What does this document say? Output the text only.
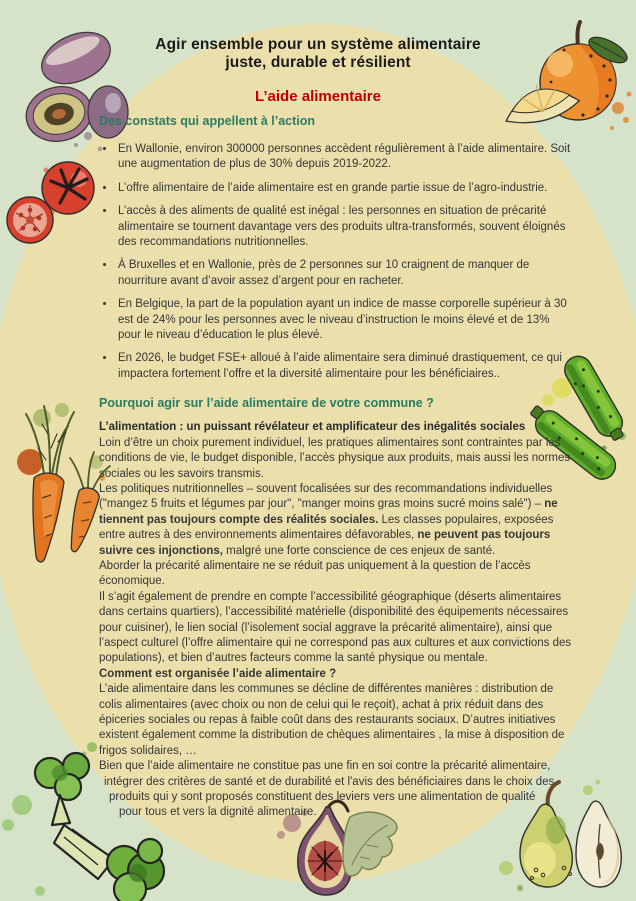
Agir ensemble pour un système alimentaire
juste, durable et résilient
L’aide alimentaire
Des constats qui appellent à l’action
• En Wallonie, environ 300000 personnes accèdent régulièrement à l’aide alimentaire. Soit une augmentation de plus de 30% depuis 2019-2022.
• L’offre alimentaire de l’aide alimentaire est en grande partie issue de l’agro-industrie.
• L’accès à des aliments de qualité est inégal : les personnes en situation de précarité alimentaire se tournent davantage vers des produits ultra-transformés, souvent éloignés des recommandations nutritionnelles.
• À Bruxelles et en Wallonie, près de 2 personnes sur 10 craignent de manquer de nourriture avant d’avoir assez d’argent pour en racheter.
• En Belgique, la part de la population ayant un indice de masse corporelle supérieur à 30 est de 24% pour les personnes avec le niveau d’instruction le moins élevé et de 13% pour le niveau d’éducation le plus élevé.
• En 2026, le budget FSE+ alloué à l’aide alimentaire sera diminué drastiquement, ce qui impactera fortement l’offre et la diversité alimentaire pour les bénéficiaires..
Pourquoi agir sur l’aide alimentaire de votre commune ?

L’alimentation : un puissant révélateur et amplificateur des inégalités sociales

Loin d’être un choix purement individuel, les pratiques alimentaires sont contraintes par les conditions de vie, le budget disponible, l’accès physique aux produits, mais aussi les normes sociales ou les savoirs transmis.

Les politiques nutritionnelles – souvent focalisées sur des recommandations individuelles ("mangez 5 fruits et légumes par jour", "manger moins gras moins sucré moins salé") – ne tiennent pas toujours compte des réalités sociales. Les classes populaires, exposées entre autres à des environnements alimentaires défavorables, ne peuvent pas toujours suivre ces injonctions, malgré une forte conscience de ces enjeux de santé.

Aborder la précarité alimentaire ne se réduit pas uniquement à la question de l’accès économique.

Il s’agit également de prendre en compte l’accessibilité géographique (déserts alimentaires dans certains quartiers), l’accessibilité matérielle (disponibilité des équipements nécessaires pour cuisiner), le lien social (l’isolement social aggrave la précarité alimentaire), ainsi que l’aspect culturel (l’offre alimentaire qui ne correspond pas aux cultures et aux convictions des populations), et bien d’autres facteurs comme la santé physique ou mentale.

Comment est organisée l’aide alimentaire ?

L’aide alimentaire dans les communes se décline de différentes manières : distribution de colis alimentaires (avec choix ou non de celui qui le reçoit), achat à prix réduit dans des épiceries sociales ou repas à faible coût dans des restaurants sociaux. D’autres initiatives existent également comme la distribution de chèques alimentaires , la mise à disposition de frigos solidaires, …

Bien que l’aide alimentaire ne constitue pas une fin en soi contre la précarité alimentaire,
intégrer des critères de santé et de durabilité et l'avis des bénéficiaires dans le choix des
produits qui y sont proposés constituent des leviers vers une alimentation de qualité
pour tous et vers la dignité alimentaire.
